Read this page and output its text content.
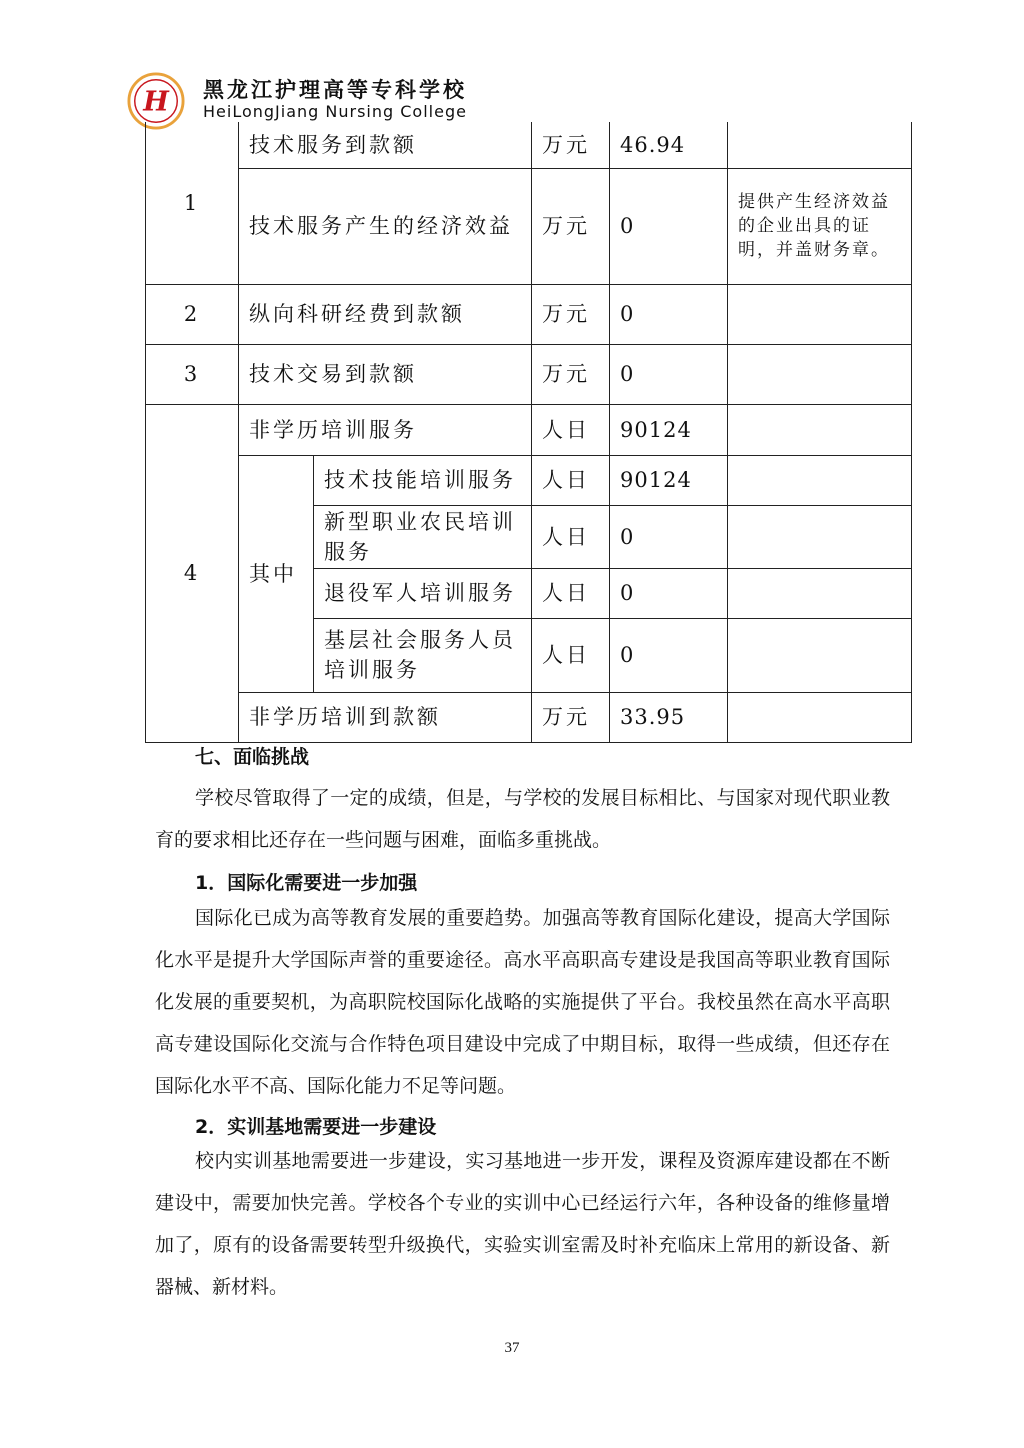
H 黑龙江护理高等专科学校
HeiLongJiang Nursing College
1	技术服务到款额		万元	46.94	
	技术服务产生的经济效益		万元	0	提供产生经济效益的企业出具的证明，并盖财务章。
2	纵向科研经费到款额		万元	0	
3	技术交易到款额		万元	0	
4	非学历培训服务		人日	90124	
	其中	技术技能培训服务	人日	90124	
		新型职业农民培训服务	人日	0	
		退役军人培训服务	人日	0	
		基层社会服务人员培训服务	人日	0	
	非学历培训到款额		万元	33.95	
七、面临挑战

学校尽管取得了一定的成绩，但是，与学校的发展目标相比、与国家对现代职业教育的要求相比还存在一些问题与困难，面临多重挑战。

1．国际化需要进一步加强

国际化已成为高等教育发展的重要趋势。加强高等教育国际化建设，提高大学国际化水平是提升大学国际声誉的重要途径。高水平高职高专建设是我国高等职业教育国际化发展的重要契机，为高职院校国际化战略的实施提供了平台。我校虽然在高水平高职高专建设国际化交流与合作特色项目建设中完成了中期目标，取得一些成绩，但还存在国际化水平不高、国际化能力不足等问题。

2．实训基地需要进一步建设

校内实训基地需要进一步建设，实习基地进一步开发，课程及资源库建设都在不断建设中，需要加快完善。学校各个专业的实训中心已经运行六年，各种设备的维修量增加了，原有的设备需要转型升级换代，实验实训室需及时补充临床上常用的新设备、新器械、新材料。

37
